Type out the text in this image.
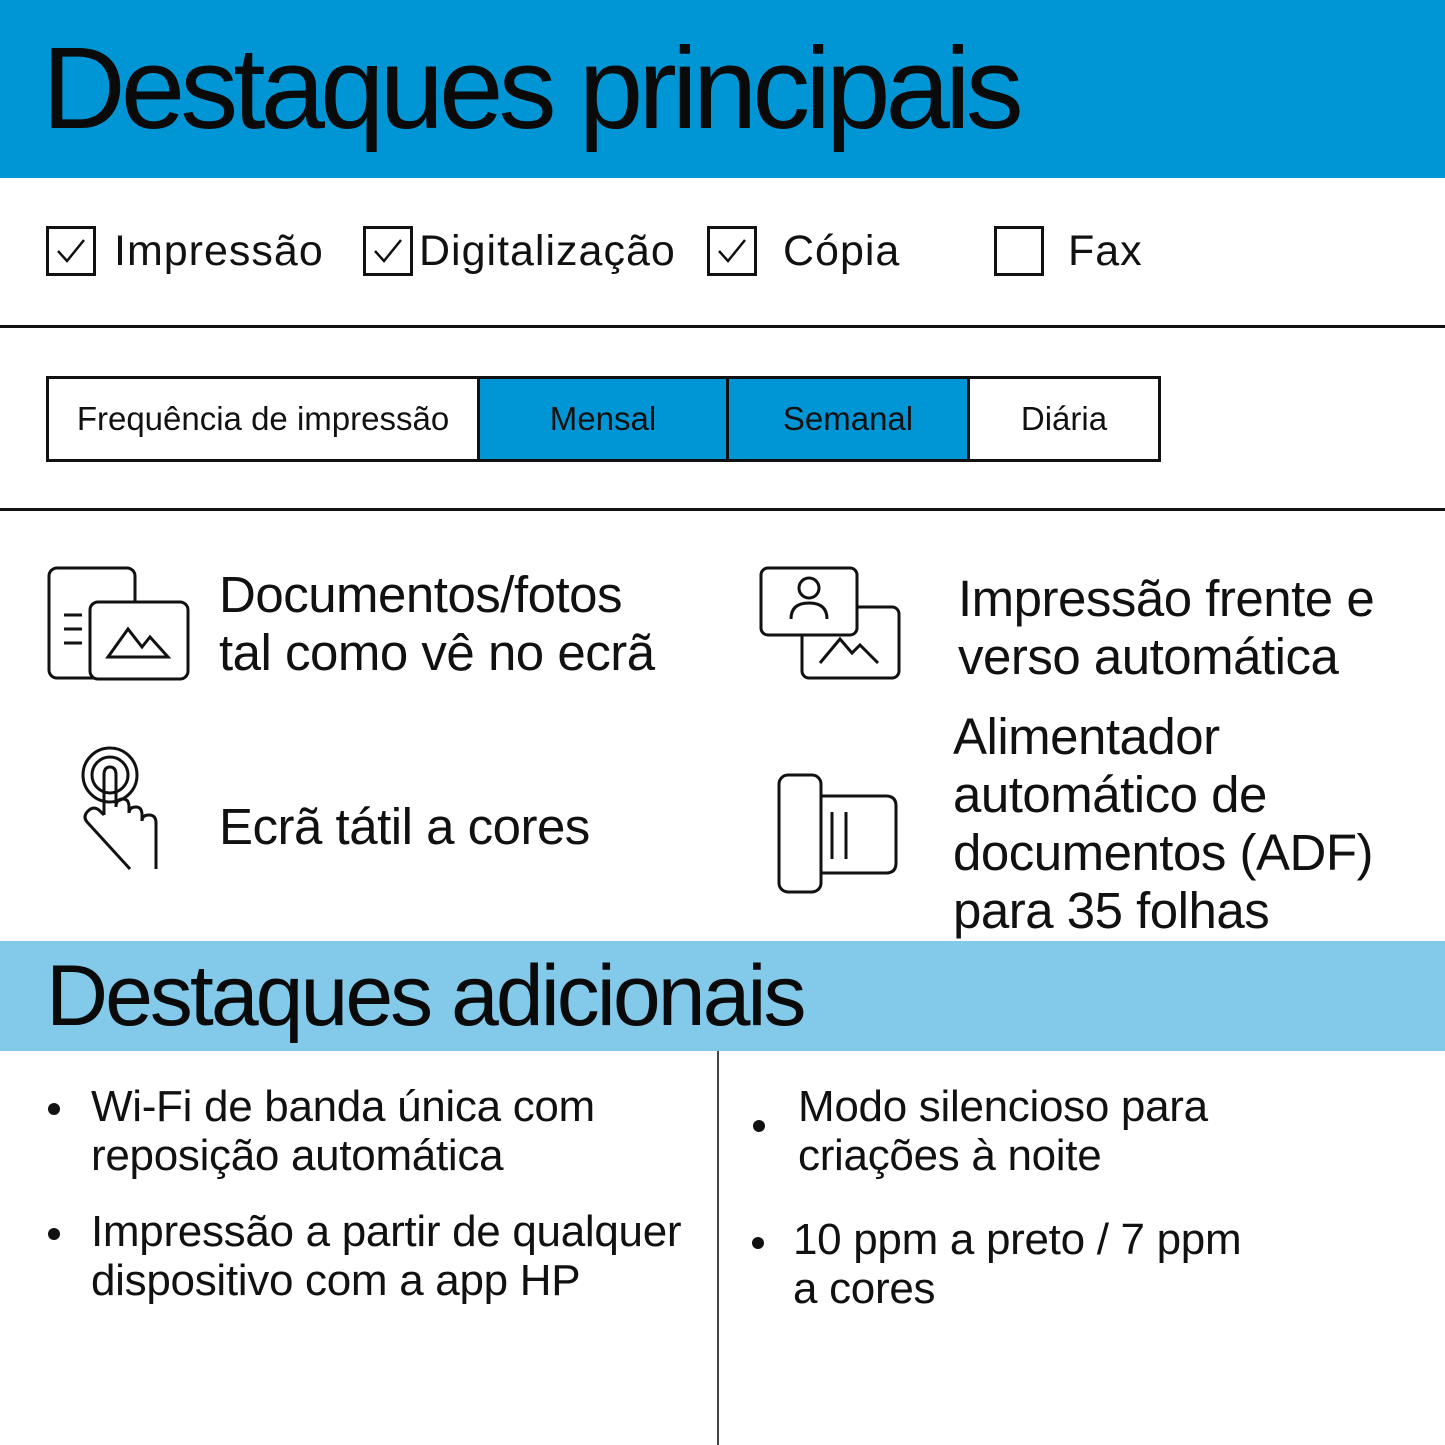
Destaques principais
Impressão Digitalização Cópia	Fax
Frequência de impressão	Mensal	Semanal	Diária
Documentos/fotos
tal como vê no ecrã
Impressão frente e
verso automática
Ecrã tátil a cores
Alimentador
automático de
documentos (ADF)
para 35 folhas
Destaques adicionais
Wi-Fi de banda única com
reposição automática
Impressão a partir de qualquer
dispositivo com a app HP
Modo silencioso para
criações à noite
10 ppm a preto / 7 ppm
a cores
